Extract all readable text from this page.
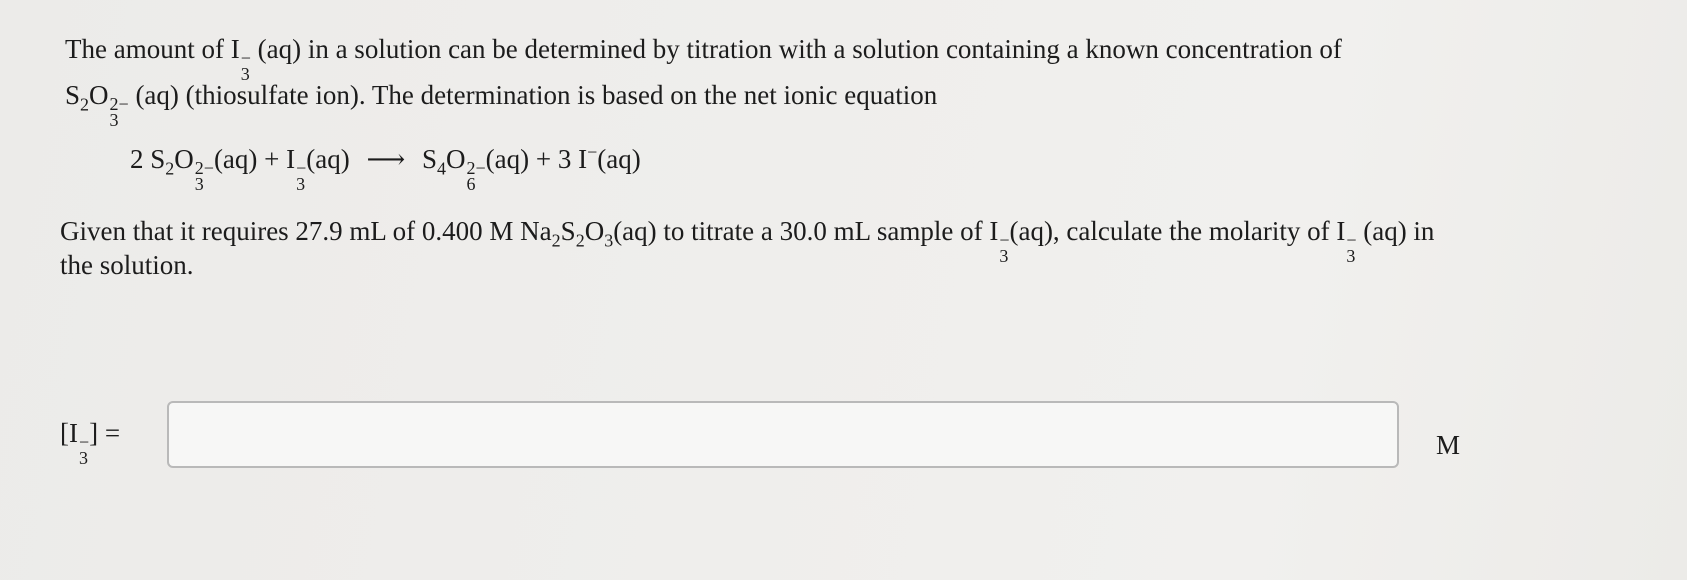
The amount of I −
3
(aq) in a solution can be determined by titration with a solution containing a known concentration of
$S_2O$ 2−
3
(aq) (thiosulfate ion). The determination is based on the net ionic equation
2 $S_2O$ 2−
3
(aq) + I −
3
(aq) ⟶ $S_4O$ 2−
6
(aq) + 3 I−(aq)
Given that it requires 27.9 mL of 0.400 M $Na_2S_2O_3(aq)$ to titrate a 30.0 mL sample of I −
3
(aq), calculate the molarity of I −
3
(aq) in
the solution.
[I −
3
] =	M
